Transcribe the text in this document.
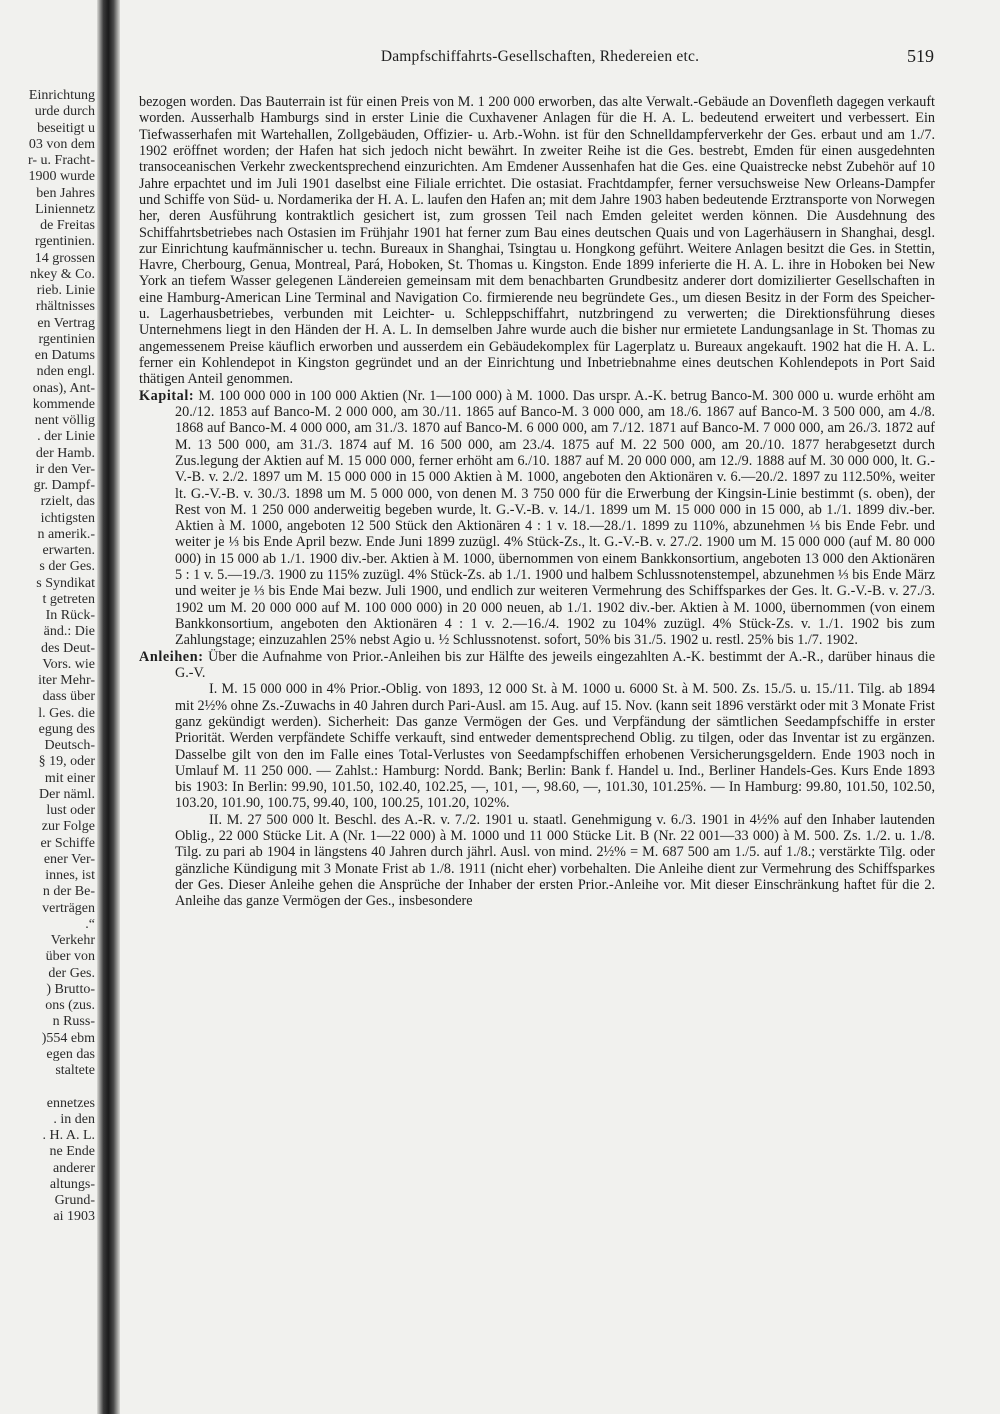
Einrichtung
urde durch
beseitigt u
03 von dem
r- u. Fracht-
1900 wurde
ben Jahres
Liniennetz
de Freitas
rgentinien.
14 grossen
nkey & Co.
rieb. Linie
rhältnisses
en Vertrag
rgentinien
en Datums
nden engl.
onas), Ant-
kommende
nent völlig
. der Linie
der Hamb.
ir den Ver-
gr. Dampf-
rzielt, das
ichtigsten
n amerik.-
erwarten.
s der Ges.
s Syndikat
t getreten
In Rück-
änd.: Die
des Deut-
Vors. wie
iter Mehr-
dass über
l. Ges. die
egung des
Deutsch-
§ 19, oder
mit einer
Der näml.
lust oder
zur Folge
er Schiffe
ener Ver-
innes, ist
n der Be-
verträgen
.“
Verkehr
über von
der Ges.
) Brutto-
ons (zus.
n Russ-
)554 ebm
egen das
staltete
ennetzes
. in den
. H. A. L.
ne Ende
anderer
altungs-
Grund-
ai 1903
Dampfschiffahrts-Gesellschaften, Rhedereien etc.	519

bezogen worden. Das Bauterrain ist für einen Preis von M. 1 200 000 erworben, das alte Verwalt.-Gebäude an Dovenfleth dagegen verkauft worden. Ausserhalb Hamburgs sind in erster Linie die Cuxhavener Anlagen für die H. A. L. bedeutend erweitert und verbessert. Ein Tiefwasserhafen mit Wartehallen, Zollgebäuden, Offizier- u. Arb.-Wohn. ist für den Schnelldampferverkehr der Ges. erbaut und am 1./7. 1902 eröffnet worden; der Hafen hat sich jedoch nicht bewährt. In zweiter Reihe ist die Ges. bestrebt, Emden für einen ausgedehnten transoceanischen Verkehr zweckentsprechend einzurichten. Am Emdener Aussenhafen hat die Ges. eine Quaistrecke nebst Zubehör auf 10 Jahre erpachtet und im Juli 1901 daselbst eine Filiale errichtet. Die ostasiat. Frachtdampfer, ferner versuchsweise New Orleans-Dampfer und Schiffe von Süd- u. Nordamerika der H. A. L. laufen den Hafen an; mit dem Jahre 1903 haben bedeutende Erztransporte von Norwegen her, deren Ausführung kontraktlich gesichert ist, zum grossen Teil nach Emden geleitet werden können. Die Ausdehnung des Schiffahrtsbetriebes nach Ostasien im Frühjahr 1901 hat ferner zum Bau eines deutschen Quais und von Lagerhäusern in Shanghai, desgl. zur Einrichtung kaufmännischer u. techn. Bureaux in Shanghai, Tsingtau u. Hongkong geführt. Weitere Anlagen besitzt die Ges. in Stettin, Havre, Cherbourg, Genua, Montreal, Pará, Hoboken, St. Thomas u. Kingston. Ende 1899 inferierte die H. A. L. ihre in Hoboken bei New York an tiefem Wasser gelegenen Ländereien gemeinsam mit dem benachbarten Grundbesitz anderer dort domizilierter Gesellschaften in eine Hamburg-American Line Terminal and Navigation Co. firmierende neu begründete Ges., um diesen Besitz in der Form des Speicher- u. Lagerhausbetriebes, verbunden mit Leichter- u. Schleppschiffahrt, nutzbringend zu verwerten; die Direktionsführung dieses Unternehmens liegt in den Händen der H. A. L. In demselben Jahre wurde auch die bisher nur ermietete Landungsanlage in St. Thomas zu angemessenem Preise käuflich erworben und ausserdem ein Gebäudekomplex für Lagerplatz u. Bureaux angekauft. 1902 hat die H. A. L. ferner ein Kohlendepot in Kingston gegründet und an der Einrichtung und Inbetriebnahme eines deutschen Kohlendepots in Port Said thätigen Anteil genommen.

Kapital: M. 100 000 000 in 100 000 Aktien (Nr. 1—100 000) à M. 1000. Das urspr. A.-K. betrug Banco-M. 300 000 u. wurde erhöht am 20./12. 1853 auf Banco-M. 2 000 000, am 30./11. 1865 auf Banco-M. 3 000 000, am 18./6. 1867 auf Banco-M. 3 500 000, am 4./8. 1868 auf Banco-M. 4 000 000, am 31./3. 1870 auf Banco-M. 6 000 000, am 7./12. 1871 auf Banco-M. 7 000 000, am 26./3. 1872 auf M. 13 500 000, am 31./3. 1874 auf M. 16 500 000, am 23./4. 1875 auf M. 22 500 000, am 20./10. 1877 herabgesetzt durch Zus.legung der Aktien auf M. 15 000 000, ferner erhöht am 6./10. 1887 auf M. 20 000 000, am 12./9. 1888 auf M. 30 000 000, lt. G.-V.-B. v. 2./2. 1897 um M. 15 000 000 in 15 000 Aktien à M. 1000, angeboten den Aktionären v. 6.—20./2. 1897 zu 112.50%, weiter lt. G.-V.-B. v. 30./3. 1898 um M. 5 000 000, von denen M. 3 750 000 für die Erwerbung der Kingsin-Linie bestimmt (s. oben), der Rest von M. 1 250 000 anderweitig begeben wurde, lt. G.-V.-B. v. 14./1. 1899 um M. 15 000 000 in 15 000, ab 1./1. 1899 div.-ber. Aktien à M. 1000, angeboten 12 500 Stück den Aktionären 4 : 1 v. 18.—28./1. 1899 zu 110%, abzunehmen ⅓ bis Ende Febr. und weiter je ⅓ bis Ende April bezw. Ende Juni 1899 zuzügl. 4% Stück-Zs., lt. G.-V.-B. v. 27./2. 1900 um M. 15 000 000 (auf M. 80 000 000) in 15 000 ab 1./1. 1900 div.-ber. Aktien à M. 1000, übernommen von einem Bankkonsortium, angeboten 13 000 den Aktionären 5 : 1 v. 5.—19./3. 1900 zu 115% zuzügl. 4% Stück-Zs. ab 1./1. 1900 und halbem Schlussnotenstempel, abzunehmen ⅓ bis Ende März und weiter je ⅓ bis Ende Mai bezw. Juli 1900, und endlich zur weiteren Vermehrung des Schiffsparkes der Ges. lt. G.-V.-B. v. 27./3. 1902 um M. 20 000 000 auf M. 100 000 000) in 20 000 neuen, ab 1./1. 1902 div.-ber. Aktien à M. 1000, übernommen (von einem Bankkonsortium, angeboten den Aktionären 4 : 1 v. 2.—16./4. 1902 zu 104% zuzügl. 4% Stück-Zs. v. 1./1. 1902 bis zum Zahlungstage; einzuzahlen 25% nebst Agio u. ½ Schlussnotenst. sofort, 50% bis 31./5. 1902 u. restl. 25% bis 1./7. 1902.

Anleihen: Über die Aufnahme von Prior.-Anleihen bis zur Hälfte des jeweils eingezahlten A.-K. bestimmt der A.-R., darüber hinaus die G.-V.

I. M. 15 000 000 in 4% Prior.-Oblig. von 1893, 12 000 St. à M. 1000 u. 6000 St. à M. 500. Zs. 15./5. u. 15./11. Tilg. ab 1894 mit 2½% ohne Zs.-Zuwachs in 40 Jahren durch Pari-Ausl. am 15. Aug. auf 15. Nov. (kann seit 1896 verstärkt oder mit 3 Monate Frist ganz gekündigt werden). Sicherheit: Das ganze Vermögen der Ges. und Verpfändung der sämtlichen Seedampfschiffe in erster Priorität. Werden verpfändete Schiffe verkauft, sind entweder dementsprechend Oblig. zu tilgen, oder das Inventar ist zu ergänzen. Dasselbe gilt von den im Falle eines Total-Verlustes von Seedampfschiffen erhobenen Versicherungsgeldern. Ende 1903 noch in Umlauf M. 11 250 000. — Zahlst.: Hamburg: Nordd. Bank; Berlin: Bank f. Handel u. Ind., Berliner Handels-Ges. Kurs Ende 1893 bis 1903: In Berlin: 99.90, 101.50, 102.40, 102.25, —, 101, —, 98.60, —, 101.30, 101.25%. — In Hamburg: 99.80, 101.50, 102.50, 103.20, 101.90, 100.75, 99.40, 100, 100.25, 101.20, 102%.

II. M. 27 500 000 lt. Beschl. des A.-R. v. 7./2. 1901 u. staatl. Genehmigung v. 6./3. 1901 in 4½% auf den Inhaber lautenden Oblig., 22 000 Stücke Lit. A (Nr. 1—22 000) à M. 1000 und 11 000 Stücke Lit. B (Nr. 22 001—33 000) à M. 500. Zs. 1./2. u. 1./8. Tilg. zu pari ab 1904 in längstens 40 Jahren durch jährl. Ausl. von mind. 2½% = M. 687 500 am 1./5. auf 1./8.; verstärkte Tilg. oder gänzliche Kündigung mit 3 Monate Frist ab 1./8. 1911 (nicht eher) vorbehalten. Die Anleihe dient zur Vermehrung des Schiffsparkes der Ges. Dieser Anleihe gehen die Ansprüche der Inhaber der ersten Prior.-Anleihe vor. Mit dieser Einschränkung haftet für die 2. Anleihe das ganze Vermögen der Ges., insbesondere
